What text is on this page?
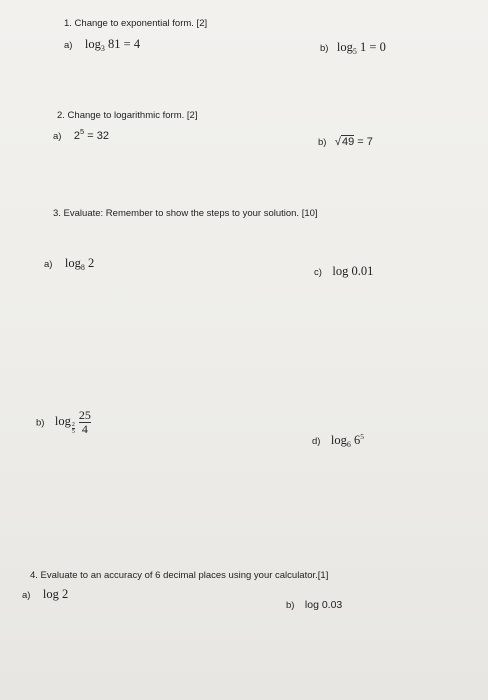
1. Change to exponential form. [2]
a) $\log_3 81 = 4$	b) $\log_5 1 = 0$
2. Change to logarithmic form. [2]
a) $2^5 = 32$
b) √49 = 7
3. Evaluate: Remember to show the steps to your solution. [10]
a) $\log_8 2$
c) log 0.01
b) $\log\frac{2}{5} \frac{25}{4}$
d) $\log_6 6^5$
4. Evaluate to an accuracy of 6 decimal places using your calculator.[1]
a) log 2
b) log 0.03
